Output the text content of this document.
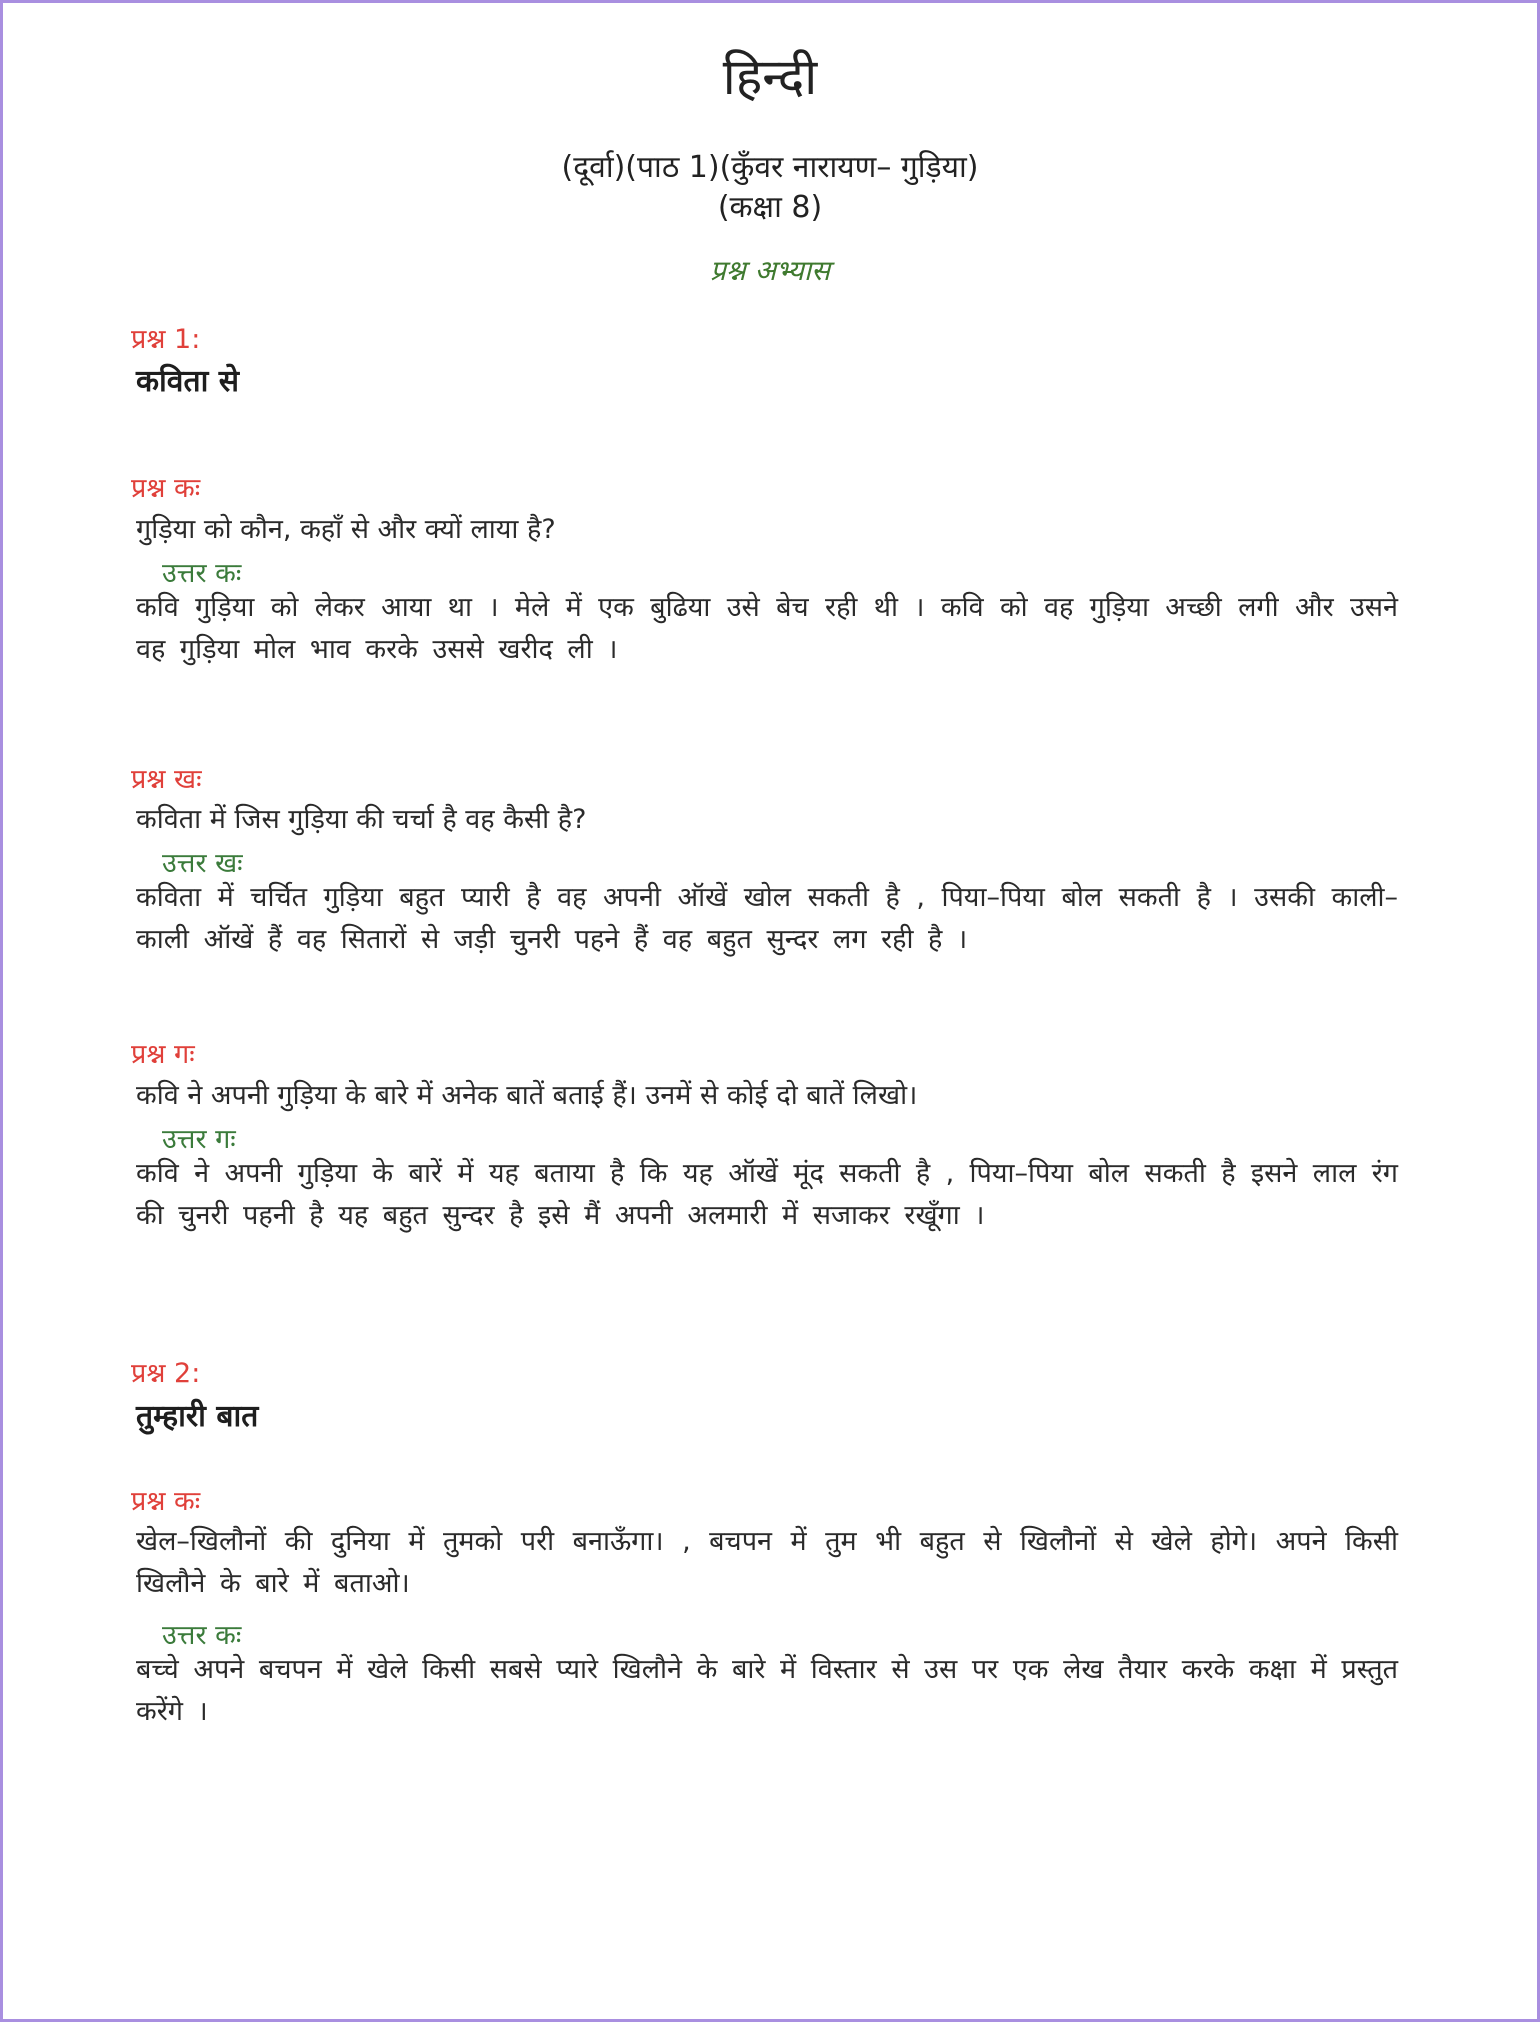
हिन्दी
(दूर्वा)(पाठ 1)(कुँवर नारायण– गुड़िया)
(कक्षा 8)
प्रश्न अभ्यास
प्रश्न 1:
कविता से
प्रश्न कः
गुड़िया को कौन, कहाँ से और क्यों लाया है?
उत्तर कः
कवि गुड़िया को लेकर आया था । मेले में एक बुढिया उसे बेच रही थी । कवि को वह गुड़िया अच्छी लगी और उसने वह गुड़िया मोल भाव करके उससे खरीद ली ।
प्रश्न खः
कविता में जिस गुड़िया की चर्चा है वह कैसी है?
उत्तर खः
कविता में चर्चित गुड़िया बहुत प्यारी है वह अपनी ऑखें खोल सकती है , पिया–पिया बोल सकती है । उसकी काली–काली ऑखें हैं वह सितारों से जड़ी चुनरी पहने हैं वह बहुत सुन्दर लग रही है ।
प्रश्न गः
कवि ने अपनी गुड़िया के बारे में अनेक बातें बताई हैं। उनमें से कोई दो बातें लिखो।
उत्तर गः
कवि ने अपनी गुड़िया के बारें में यह बताया है कि यह ऑखें मूंद सकती है , पिया–पिया बोल सकती है इसने लाल रंग की चुनरी पहनी है यह बहुत सुन्दर है इसे मैं अपनी अलमारी में सजाकर रखूँगा ।
प्रश्न 2:
तुम्हारी बात
प्रश्न कः
खेल–खिलौनों की दुनिया में तुमको परी बनाऊँगा। , बचपन में तुम भी बहुत से खिलौनों से खेले होगे। अपने किसी खिलौने के बारे में बताओ।
उत्तर कः
बच्चे अपने बचपन में खेले किसी सबसे प्यारे खिलौने के बारे में विस्तार से उस पर एक लेख तैयार करके कक्षा में प्रस्तुत करेंगे ।
